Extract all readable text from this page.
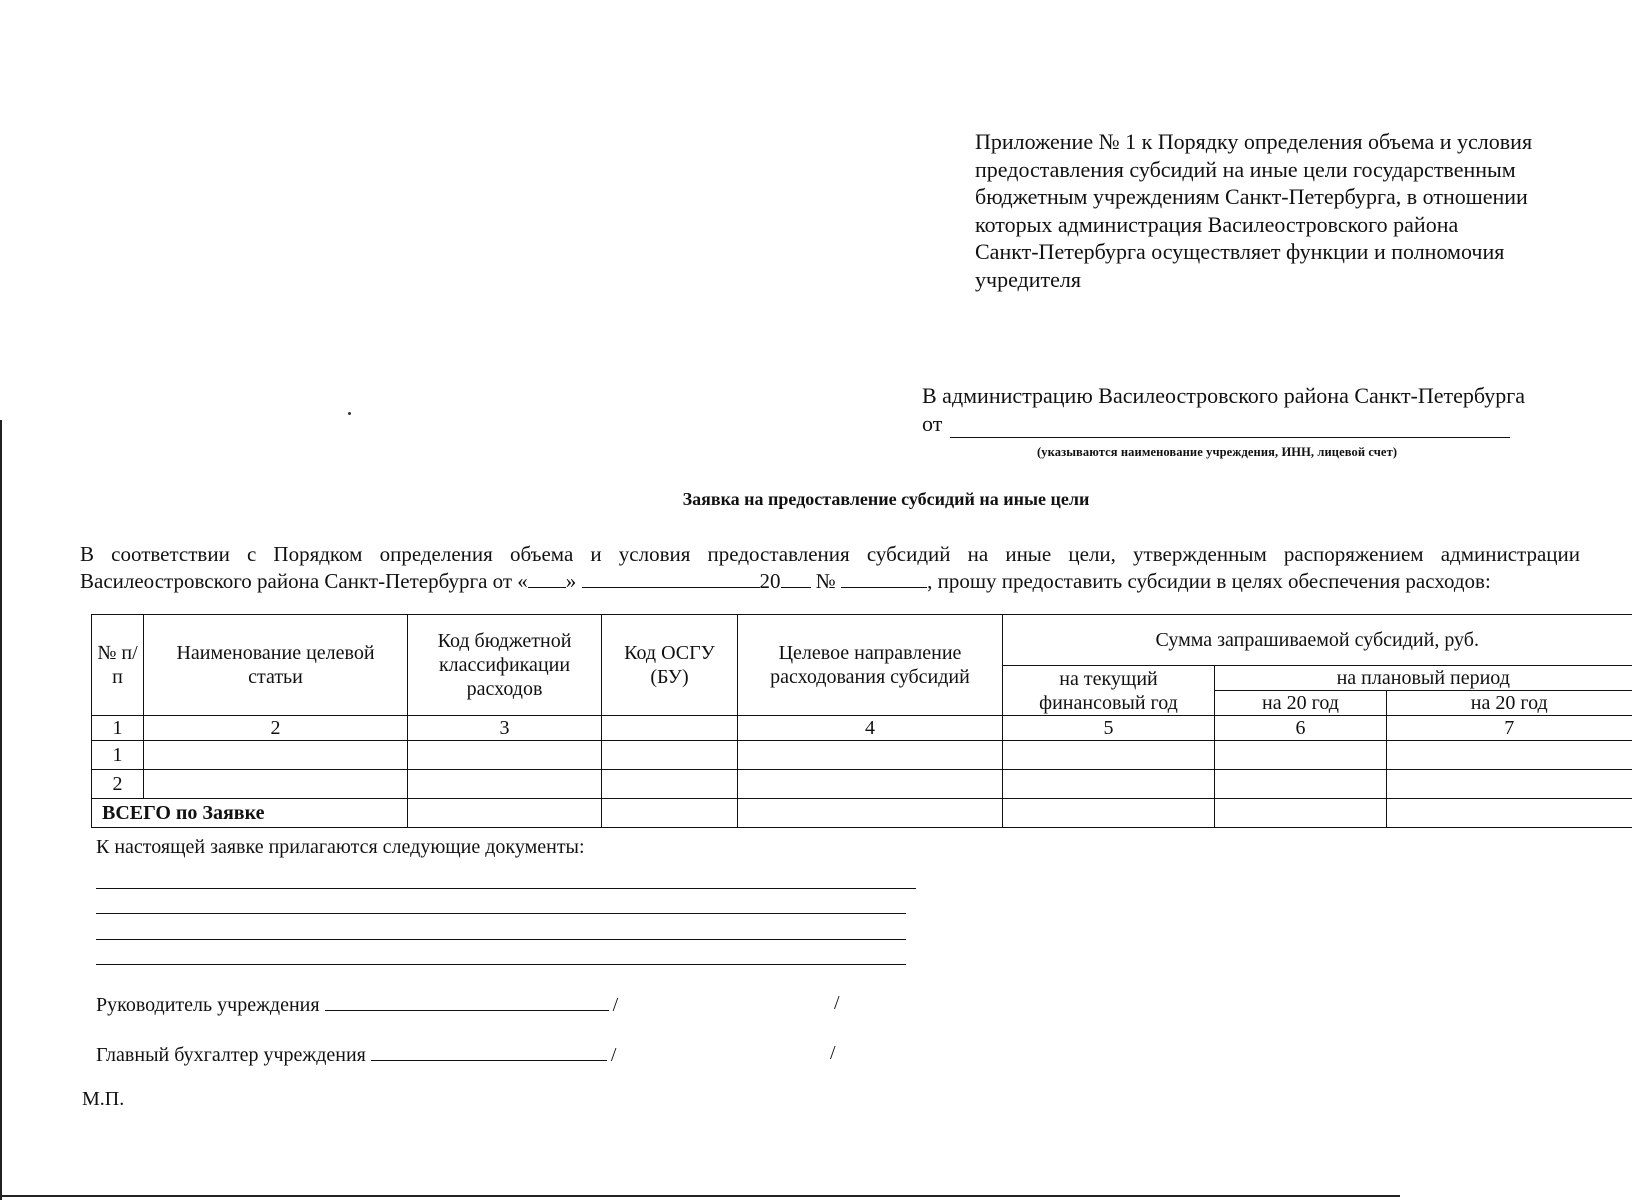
Приложение № 1 к Порядку определения объема и условия
предоставления субсидий на иные цели государственным
бюджетным учреждениям Санкт-Петербурга, в отношении
которых администрация Василеостровского района
Санкт-Петербурга осуществляет функции и полномочия
учредителя
В администрацию Василеостровского района Санкт-Петербурга
от
(указываются наименование учреждения, ИНН, лицевой счет)
Заявка на предоставление субсидий на иные цели
В соответствии с Порядком определения объема и условия предоставления субсидий на иные цели, утвержденным распоряжением администрации
Василеостровского района Санкт-Петербурга от « »	20 №	, прошу предоставить субсидии в целях обеспечения расходов:
№ п/п	Наименование целевой статьи	Код бюджетной классификации расходов	Код ОСГУ (БУ)	Целевое направление расходования субсидий	Сумма запрашиваемой субсидий, руб.		
					на текущий финансовый год	на плановый период	
						на 20 год	на 20 год
1	2	3		4	5	6	7
1							
2							
ВСЕГО по Заявке							
К настоящей заявке прилагаются следующие документы:
Руководитель учреждения	/	/
Главный бухгалтер учреждения	/	/
М.П.
